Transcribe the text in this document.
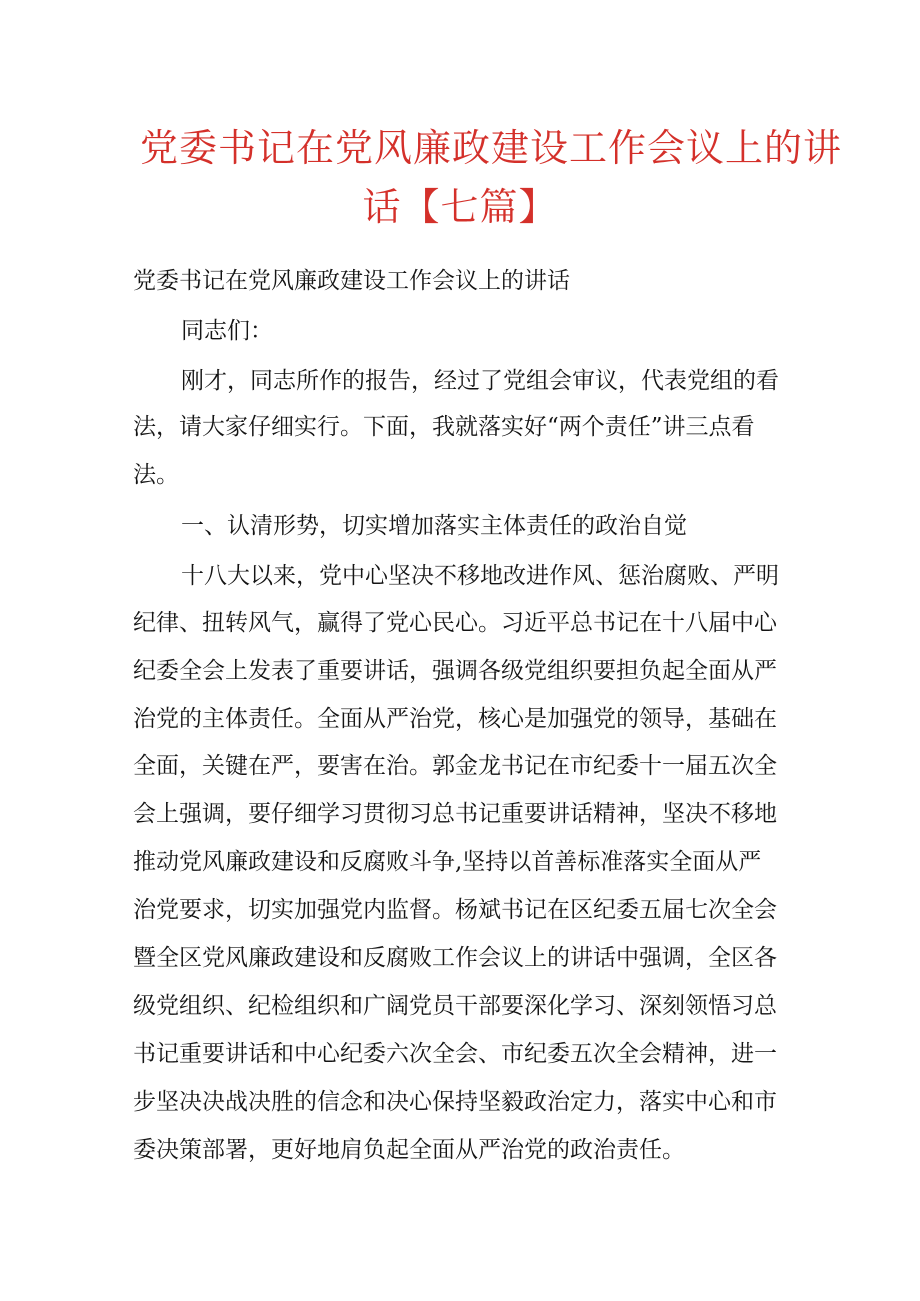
党委书记在党风廉政建设工作会议上的讲
话【七篇】
党委书记在党风廉政建设工作会议上的讲话
同志们：
刚才，同志所作的报告，经过了党组会审议，代表党组的看
法，请大家仔细实行。下面，我就落实好“两个责任”讲三点看
法。
一、认清形势，切实增加落实主体责任的政治自觉
十八大以来，党中心坚决不移地改进作风、惩治腐败、严明
纪律、扭转风气，赢得了党心民心。习近平总书记在十八届中心
纪委全会上发表了重要讲话，强调各级党组织要担负起全面从严
治党的主体责任。全面从严治党，核心是加强党的领导，基础在
全面，关键在严，要害在治。郭金龙书记在市纪委十一届五次全
会上强调，要仔细学习贯彻习总书记重要讲话精神，坚决不移地
推动党风廉政建设和反腐败斗争,坚持以首善标准落实全面从严
治党要求，切实加强党内监督。杨斌书记在区纪委五届七次全会
暨全区党风廉政建设和反腐败工作会议上的讲话中强调，全区各
级党组织、纪检组织和广阔党员干部要深化学习、深刻领悟习总
书记重要讲话和中心纪委六次全会、市纪委五次全会精神，进一
步坚决决战决胜的信念和决心保持坚毅政治定力，落实中心和市
委决策部署，更好地肩负起全面从严治党的政治责任。
